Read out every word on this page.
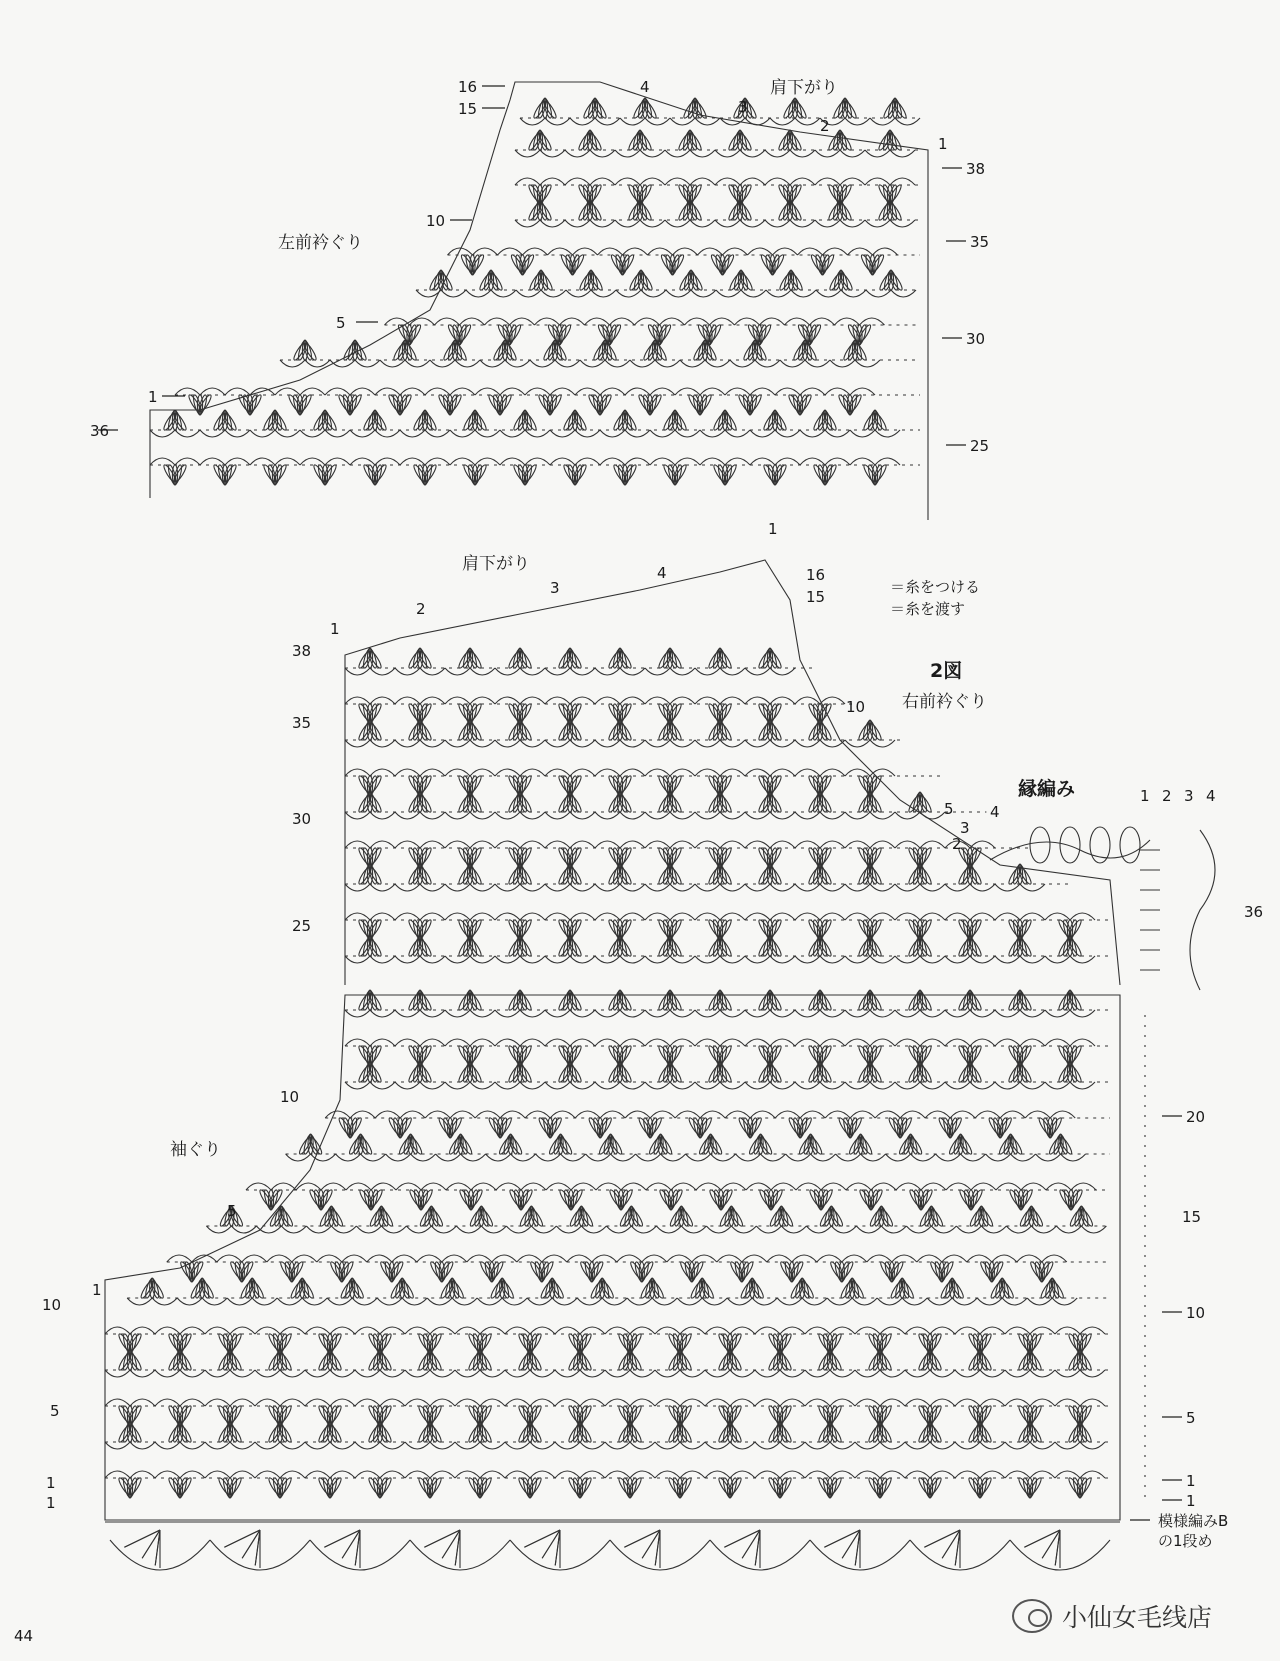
肩下がり
左前衿ぐり
16
15
10
5
1
36
4
3
2
1
38
35
30
25
肩下がり
2図
右前衿ぐり
袖ぐり
縁編み
＝糸をつける
＝糸を渡す
1
38
35
30
25
10
5
1
10
5
1
1
1
2
3
4	16
15
10
5 4
3
2
1 2 3 4
36
20
15
10
5
1
1
模様編みB
の1段め
44
小仙女毛线店
